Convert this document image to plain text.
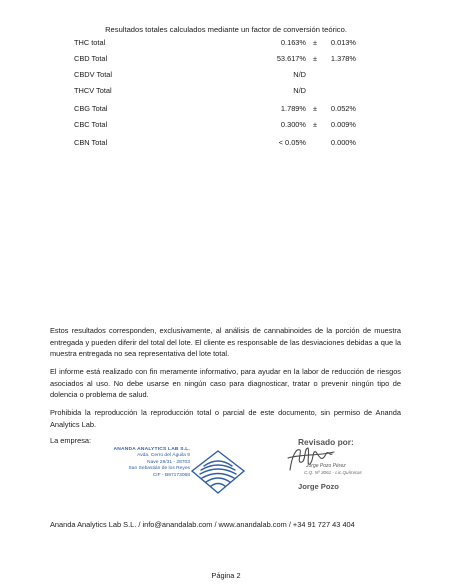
Resultados totales calculados mediante un factor de conversión teórico.
THC total	0.163% ±	0.013%
CBD Total	53.617% ±	1.378%
CBDV Total	N/D
THCV Total	N/D
CBG Total	1.789% ±	0.052%
CBC Total	0.300% ±	0.009%
CBN Total	< 0.05%	0.000%

Estos resultados corresponden, exclusivamente, al análisis de cannabinoides de la porción de muestra entregada y pueden diferir del total del lote. El cliente es responsable de las desviaciones debidas a que la muestra entregada no sea representativa del lote total.

El informe está realizado con fin meramente informativo, para ayudar en la labor de reducción de riesgos asociados al uso. No debe usarse en ningún caso para diagnosticar, tratar o prevenir ningún tipo de dolencia o problema de salud.

Prohibida la reproducción la reproducción total o parcial de este documento, sin permiso de Ananda Analytics Lab.

La empresa:
ANANDA ANALYTICS LAB S.L.
Avda. Cerro del Águila 9
Nave 29/31 - 28703
San Sebastián de los Reyes
CIF - B87173068
Revisado por:
Jorge Pozo Pérez
C.Q. Nº 3061 - Lic.Químicas
Jorge Pozo
Ananda Analytics Lab S.L. / info@anandalab.com / www.anandalab.com / +34 91 727 43 404
Página 2
